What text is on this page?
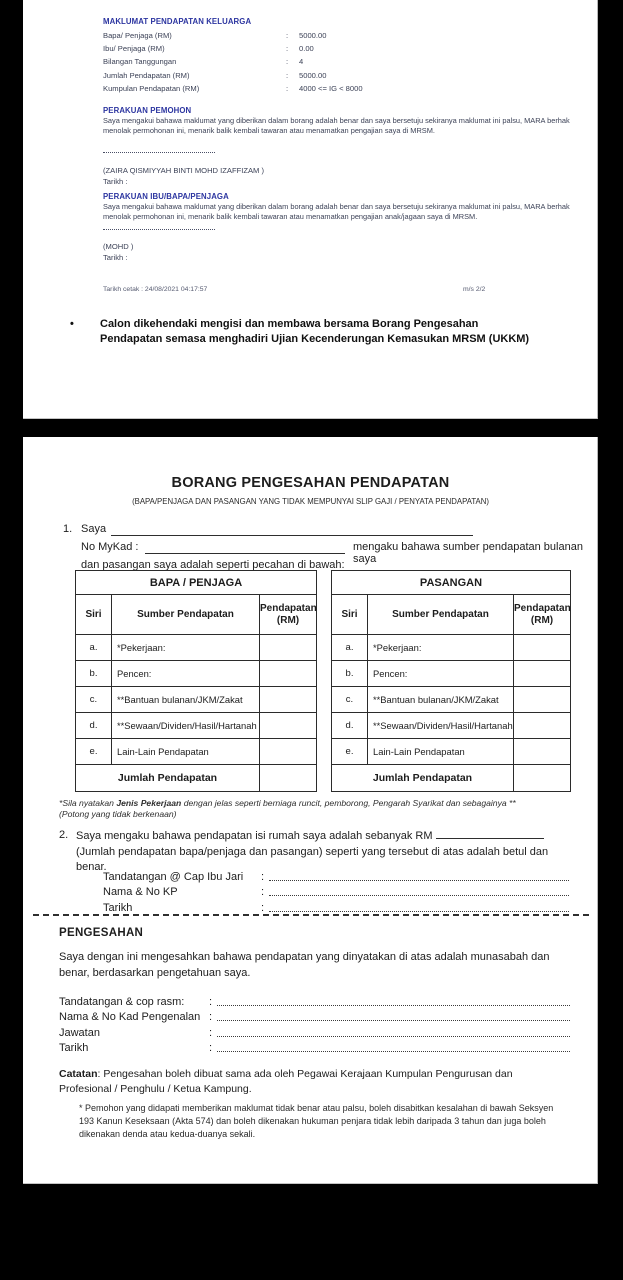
MAKLUMAT PENDAPATAN KELUARGA
Bapa/ Penjaga (RM)	:	5000.00
Ibu/ Penjaga (RM)	:	0.00
Bilangan Tanggungan	:	4
Jumlah Pendapatan (RM)	:	5000.00
Kumpulan Pendapatan (RM)	:	4000 <= IG < 8000
PERAKUAN PEMOHON

Saya mengakui bahawa maklumat yang diberikan dalam borang adalah benar dan saya bersetuju sekiranya maklumat ini palsu, MARA berhak menolak permohonan ini, menarik balik kembali tawaran atau menamatkan pengajian saya di MRSM.

(ZAIRA QISMIYYAH BINTI MOHD IZAFFIZAM )
Tarikh :
PERAKUAN IBU/BAPA/PENJAGA

Saya mengakui bahawa maklumat yang diberikan dalam borang adalah benar dan saya bersetuju sekiranya maklumat ini palsu, MARA berhak menolak permohonan ini, menarik balik kembali tawaran atau menamatkan pengajian anak/jagaan saya di MRSM.

(MOHD )
Tarikh :
Tarikh cetak : 24/08/2021 04:17:57	m/s 2/2
•	Calon dikehendaki mengisi dan membawa bersama Borang Pengesahan Pendapatan semasa menghadiri Ujian Kecenderungan Kemasukan MRSM (UKKM)
BORANG PENGESAHAN PENDAPATAN
(BAPA/PENJAGA DAN PASANGAN YANG TIDAK MEMPUNYAI SLIP GAJI / PENYATA PENDAPATAN)
1. Saya
No MyKad :	mengaku bahawa sumber pendapatan bulanan saya
dan pasangan saya adalah seperti pecahan di bawah:
BAPA / PENJAGA		
Siri	Sumber Pendapatan	Pendapatan (RM)
a.	*Pekerjaan:	
b.	Pencen:	
c.	**Bantuan bulanan/JKM/Zakat	
d.	**Sewaan/Dividen/Hasil/Hartanah	
e.	Lain-Lain Pendapatan	
Jumlah Pendapatan		
PASANGAN		
Siri	Sumber Pendapatan	Pendapatan (RM)
a.	*Pekerjaan:	
b.	Pencen:	
c.	**Bantuan bulanan/JKM/Zakat	
d.	**Sewaan/Dividen/Hasil/Hartanah	
e.	Lain-Lain Pendapatan	
Jumlah Pendapatan		
*Sila nyatakan Jenis Pekerjaan dengan jelas seperti berniaga runcit, pemborong, Pengarah Syarikat dan sebagainya **
(Potong yang tidak berkenaan)
2. Saya mengaku bahawa pendapatan isi rumah saya adalah sebanyak RM  (Jumlah pendapatan bapa/penjaga dan pasangan) seperti yang tersebut di atas adalah betul dan benar.
Tandatangan @ Cap Ibu Jari	:
Nama & No KP	:
Tarikh	:
PENGESAHAN
Saya dengan ini mengesahkan bahawa pendapatan yang dinyatakan di atas adalah munasabah dan benar, berdasarkan pengetahuan saya.
Tandatangan & cop rasm:	:
Nama & No Kad Pengenalan :
Jawatan	:
Tarikh	:
Catatan: Pengesahan boleh dibuat sama ada oleh Pegawai Kerajaan Kumpulan Pengurusan dan Profesional / Penghulu / Ketua Kampung.
* Pemohon yang didapati memberikan maklumat tidak benar atau palsu, boleh disabitkan kesalahan di bawah Seksyen 193 Kanun Keseksaan (Akta 574) dan boleh dikenakan hukuman penjara tidak lebih daripada 3 tahun dan juga boleh dikenakan denda atau kedua-duanya sekali.
